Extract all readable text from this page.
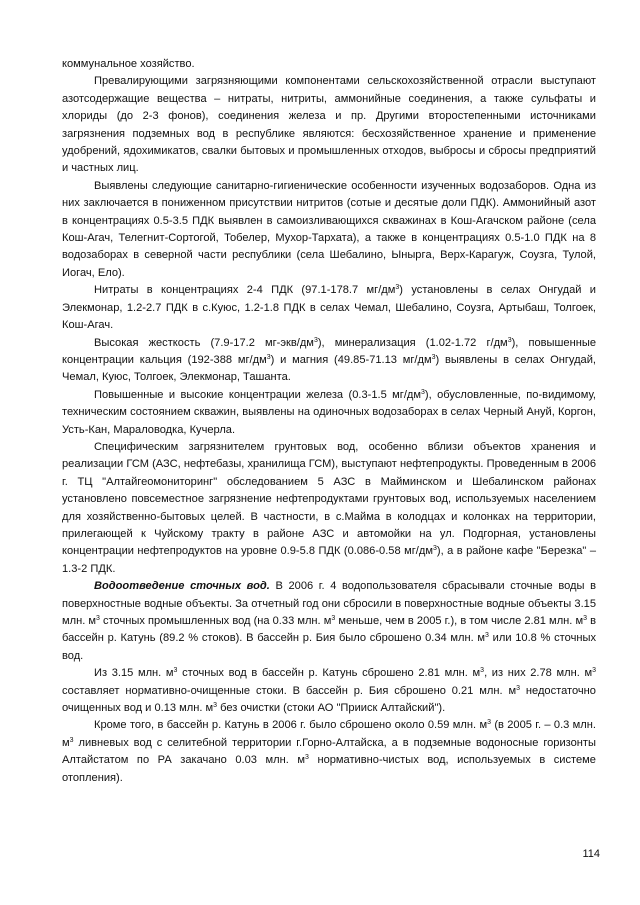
коммунальное хозяйство.

Превалирующими загрязняющими компонентами сельскохозяйственной отрасли выступают азотсодержащие вещества – нитраты, нитриты, аммонийные соединения, а также сульфаты и хлориды (до 2-3 фонов), соединения железа и пр. Другими второстепенными источниками загрязнения подземных вод в республике являются: бесхозяйственное хранение и применение удобрений, ядохимикатов, свалки бытовых и промышленных отходов, выбросы и сбросы предприятий и частных лиц.

Выявлены следующие санитарно-гигиенические особенности изученных водозаборов. Одна из них заключается в пониженном присутствии нитритов (сотые и десятые доли ПДК). Аммонийный азот в концентрациях 0.5-3.5 ПДК выявлен в самоизливающихся скважинах в Кош-Агачском районе (села Кош-Агач, Телегнит-Сортогой, Тобелер, Мухор-Тархата), а также в концентрациях 0.5-1.0 ПДК на 8 водозаборах в северной части республики (села Шебалино, Ыныргa, Верх-Карагуж, Соузга, Тулой, Иогач, Ело).

Нитраты в концентрациях 2-4 ПДК (97.1-178.7 $мг/дм^3$) установлены в селах Онгудай и Элекмонар, 1.2-2.7 ПДК в с.Куюс, 1.2-1.8 ПДК в селах Чемал, Шебалино, Соузга, Артыбаш, Толгоек, Кош-Агач.

Высокая жесткость (7.9-17.2 $мг-экв/дм^3$), минерализация (1.02-1.72 $г/дм^3$), повышенные концентрации кальция (192-388 $мг/дм^3$) и магния (49.85-71.13 $мг/дм^3$) выявлены в селах Онгудай, Чемал, Куюс, Толгоек, Элекмонар, Ташанта.

Повышенные и высокие концентрации железа (0.3-1.5 $мг/дм^3$), обусловленные, по-видимому, техническим состоянием скважин, выявлены на одиночных водозаборах в селах Черный Ануй, Коргон, Усть-Кан, Мараловодка, Кучерла.

Специфическим загрязнителем грунтовых вод, особенно вблизи объектов хранения и реализации ГСМ (АЗС, нефтебазы, хранилища ГСМ), выступают нефтепродукты. Проведенным в 2006 г. ТЦ "Алтайгеомониторинг" обследованием 5 АЗС в Майминском и Шебалинском районах установлено повсеместное загрязнение нефтепродуктами грунтовых вод, используемых населением для хозяйственно-бытовых целей. В частности, в с.Майма в колодцах и колонках на территории, прилегающей к Чуйскому тракту в районе АЗС и автомойки на ул. Подгорная, установлены концентрации нефтепродуктов на уровне 0.9-5.8 ПДК (0.086-0.58 $мг/дм^3$), а в районе кафе "Березка" – 1.3-2 ПДК.

Водоотведение сточных вод. В 2006 г. 4 водопользователя сбрасывали сточные воды в поверхностные водные объекты. За отчетный год они сбросили в поверхностные водные объекты 3.15 млн. $м^3$ сточных промышленных вод (на 0.33 млн. $м^3$ меньше, чем в 2005 г.), в том числе 2.81 млн. $м^3$ в бассейн р. Катунь (89.2 % стоков). В бассейн р. Бия было сброшено 0.34 млн. $м^3$ или 10.8 % сточных вод.

Из 3.15 млн. $м^3$ сточных вод в бассейн р. Катунь сброшено 2.81 млн. $м^3$, из них 2.78 млн. $м^3$ составляет нормативно-очищенные стоки. В бассейн р. Бия сброшено 0.21 млн. $м^3$ недостаточно очищенных вод и 0.13 млн. $м^3$ без очистки (стоки АО "Прииск Алтайский").

Кроме того, в бассейн р. Катунь в 2006 г. было сброшено около 0.59 млн. $м^3$ (в 2005 г. – 0.3 млн. $м^3$ ливневых вод с селитебной территории г.Горно-Алтайска, а в подземные водоносные горизонты Алтайстатом по РА закачано 0.03 млн. $м^3$ нормативно-чистых вод, используемых в системе отопления).

114
